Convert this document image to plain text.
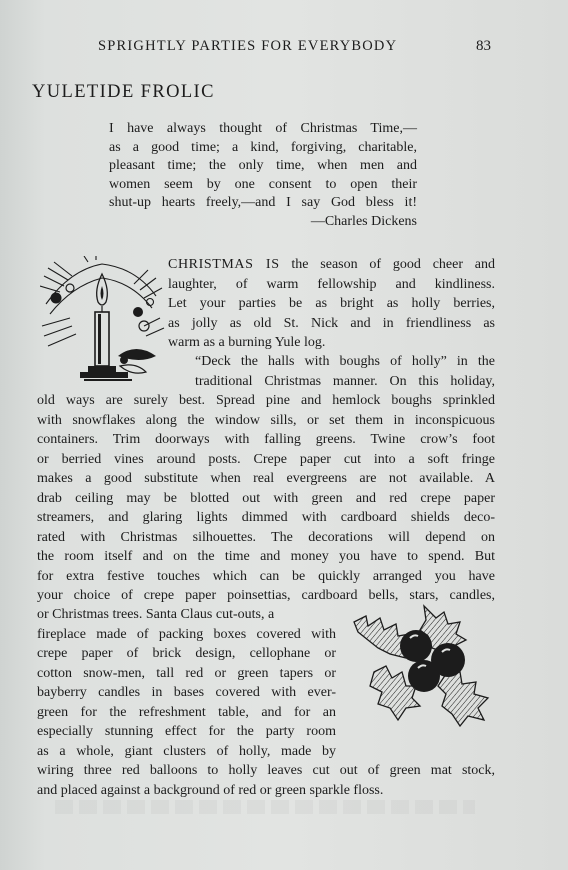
SPRIGHTLY PARTIES FOR EVERYBODY	83
YULETIDE FROLIC
I have always thought of Christmas Time,—
as a good time; a kind, forgiving, charitable,
pleasant time; the only time, when men and
women seem by one consent to open their
shut-up hearts freely,—and I say God bless it!
—Charles Dickens
CHRISTMAS IS the season of good cheer and
laughter, of warm fellowship and kindliness.
Let your parties be as bright as holly berries,
as jolly as old St. Nick and in friendliness as
warm as a burning Yule log.
“Deck the halls with boughs of holly” in the
traditional Christmas manner. On this holiday,
old ways are surely best. Spread pine and hemlock boughs sprinkled
with snowflakes along the window sills, or set them in inconspicuous
containers. Trim doorways with falling greens. Twine crow’s foot
or berried vines around posts. Crepe paper cut into a soft fringe
makes a good substitute when real evergreens are not available. A
drab ceiling may be blotted out with green and red crepe paper
streamers, and glaring lights dimmed with cardboard shields deco-
rated with Christmas silhouettes. The decorations will depend on
the room itself and on the time and money you have to spend. But
for extra festive touches which can be quickly arranged you have
your choice of crepe paper poinsettias, cardboard bells, stars, candles,
or Christmas trees. Santa Claus cut-outs, a
fireplace made of packing boxes covered with
crepe paper of brick design, cellophane or
cotton snow-men, tall red or green tapers or
bayberry candles in bases covered with ever-
green for the refreshment table, and for an
especially stunning effect for the party room
as a whole, giant clusters of holly, made by
wiring three red balloons to holly leaves cut out of green mat stock,
and placed against a background of red or green sparkle floss.
